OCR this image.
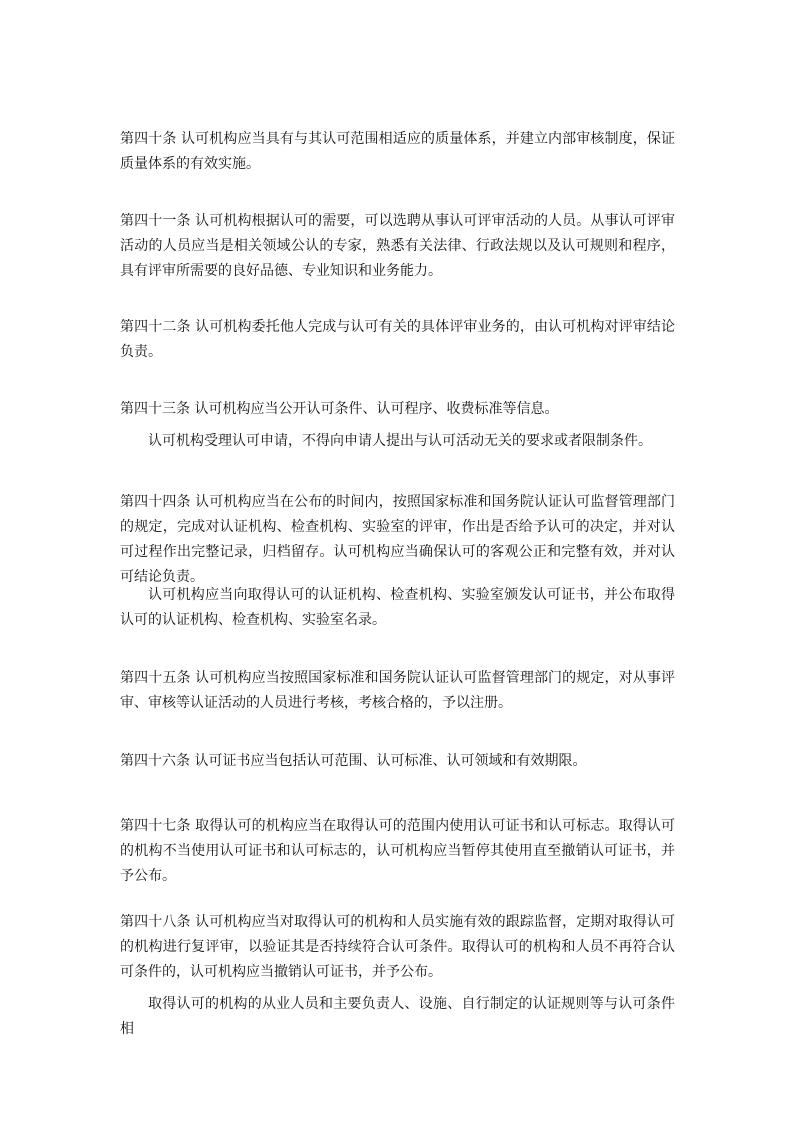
第四十条 认可机构应当具有与其认可范围相适应的质量体系，并建立内部审核制度，保证质量体系的有效实施。

第四十一条 认可机构根据认可的需要，可以选聘从事认可评审活动的人员。从事认可评审活动的人员应当是相关领域公认的专家，熟悉有关法律、行政法规以及认可规则和程序，具有评审所需要的良好品德、专业知识和业务能力。

第四十二条 认可机构委托他人完成与认可有关的具体评审业务的，由认可机构对评审结论负责。

第四十三条 认可机构应当公开认可条件、认可程序、收费标准等信息。

认可机构受理认可申请，不得向申请人提出与认可活动无关的要求或者限制条件。

第四十四条 认可机构应当在公布的时间内，按照国家标准和国务院认证认可监督管理部门的规定，完成对认证机构、检查机构、实验室的评审，作出是否给予认可的决定，并对认可过程作出完整记录，归档留存。认可机构应当确保认可的客观公正和完整有效，并对认可结论负责。

认可机构应当向取得认可的认证机构、检查机构、实验室颁发认可证书，并公布取得认可的认证机构、检查机构、实验室名录。

第四十五条 认可机构应当按照国家标准和国务院认证认可监督管理部门的规定，对从事评审、审核等认证活动的人员进行考核，考核合格的，予以注册。

第四十六条 认可证书应当包括认可范围、认可标准、认可领域和有效期限。

第四十七条 取得认可的机构应当在取得认可的范围内使用认可证书和认可标志。取得认可的机构不当使用认可证书和认可标志的，认可机构应当暂停其使用直至撤销认可证书，并予公布。

第四十八条 认可机构应当对取得认可的机构和人员实施有效的跟踪监督，定期对取得认可的机构进行复评审，以验证其是否持续符合认可条件。取得认可的机构和人员不再符合认可条件的，认可机构应当撤销认可证书，并予公布。

取得认可的机构的从业人员和主要负责人、设施、自行制定的认证规则等与认可条件相
